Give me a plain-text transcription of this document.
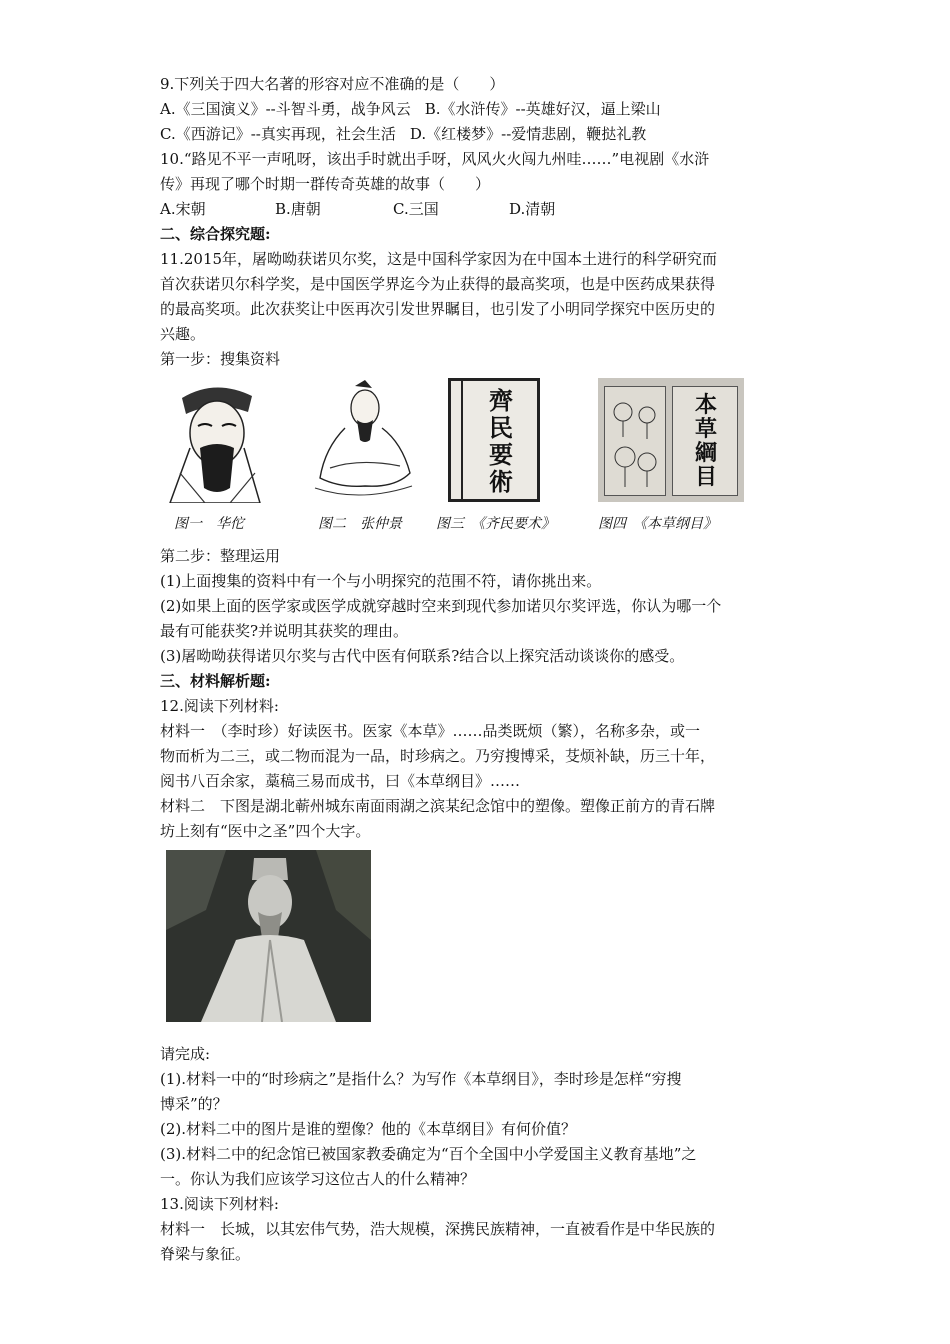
9.下列关于四大名著的形容对应不准确的是（　　）
A.《三国演义》--斗智斗勇，战争风云 B.《水浒传》--英雄好汉，逼上梁山
C.《西游记》--真实再现，社会生活 D.《红楼梦》--爱情悲剧，鞭挞礼教
10.“路见不平一声吼呀，该出手时就出手呀，风风火火闯九州哇……”电视剧《水浒
传》再现了哪个时期一群传奇英雄的故事（　　）
A.宋朝	B.唐朝	C.三国	D.清朝
二、综合探究题:
11.2015年，屠呦呦获诺贝尔奖，这是中国科学家因为在中国本土进行的科学研究而
首次获诺贝尔科学奖，是中国医学界迄今为止获得的最高奖项，也是中医药成果获得
的最高奖项。此次获奖让中医再次引发世界瞩目，也引发了小明同学探究中医历史的
兴趣。
第一步：搜集资料
齊民要術
本草綱目
图一　华佗	图二　张仲景 图三　《齐民要术》	图四　《本草纲目》
第二步：整理运用
(1)上面搜集的资料中有一个与小明探究的范围不符，请你挑出来。
(2)如果上面的医学家或医学成就穿越时空来到现代参加诺贝尔奖评选，你认为哪一个
最有可能获奖?并说明其获奖的理由。
(3)屠呦呦获得诺贝尔奖与古代中医有何联系?结合以上探究活动谈谈你的感受。
三、材料解析题:
12.阅读下列材料:
材料一　（李时珍）好读医书。医家《本草》……品类既烦（繁），名称多杂，或一
物而析为二三，或二物而混为一品，时珍病之。乃穷搜博采，芟烦补缺，历三十年，
阅书八百余家，藁稿三易而成书，曰《本草纲目》……
材料二　下图是湖北蕲州城东南面雨湖之滨某纪念馆中的塑像。塑像正前方的青石牌
坊上刻有“医中之圣”四个大字。
请完成:
(1).材料一中的“时珍病之”是指什么？为写作《本草纲目》，李时珍是怎样“穷搜
博采”的？
(2).材料二中的图片是谁的塑像？他的《本草纲目》有何价值？
(3).材料二中的纪念馆已被国家教委确定为“百个全国中小学爱国主义教育基地”之
一。你认为我们应该学习这位古人的什么精神？
13.阅读下列材料:
材料一　长城，以其宏伟气势，浩大规模，深携民族精神，一直被看作是中华民族的
脊梁与象征。
